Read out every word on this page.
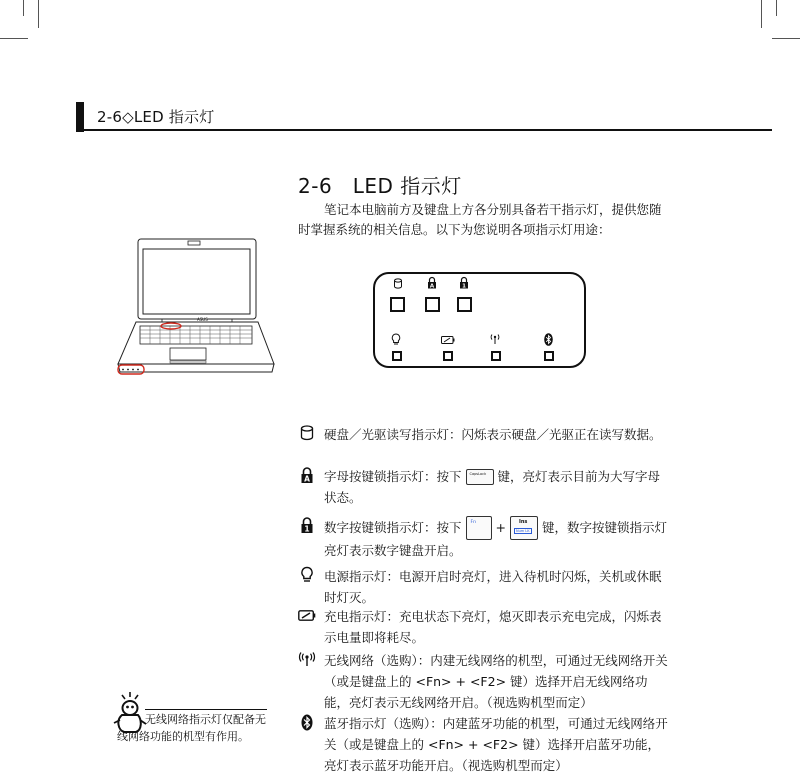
2-6◇LED 指示灯
2-6   LED 指示灯
笔记本电脑前方及键盘上方各分别具备若干指示灯，提供您随时掌握系统的相关信息。以下为您说明各项指示灯用途：
ASUS
A	1
硬盘／光驱读写指示灯：闪烁表示硬盘／光驱正在读写数据。
A 字母按键锁指示灯：按下 CapsLock 键，亮灯表示目前为大写字母状态。
1 数字按键锁指示灯：按下 Fn +	Ins
Num LK 键，数字按键锁指示灯亮灯表示数字键盘开启。
电源指示灯：电源开启时亮灯，进入待机时闪烁，关机或休眠时灯灭。
充电指示灯：充电状态下亮灯，熄灭即表示充电完成，闪烁表示电量即将耗尽。
无线网络（选购）：内建无线网络的机型，可通过无线网络开关（或是键盘上的 <Fn> + <F2> 键）选择开启无线网络功能，亮灯表示无线网络开启。（视选购机型而定）
蓝牙指示灯（选购）：内建蓝牙功能的机型，可通过无线网络开关（或是键盘上的 <Fn> + <F2> 键）选择开启蓝牙功能，亮灯表示蓝牙功能开启。（视选购机型而定）
无线网络指示灯仅配备无线网络功能的机型有作用。
